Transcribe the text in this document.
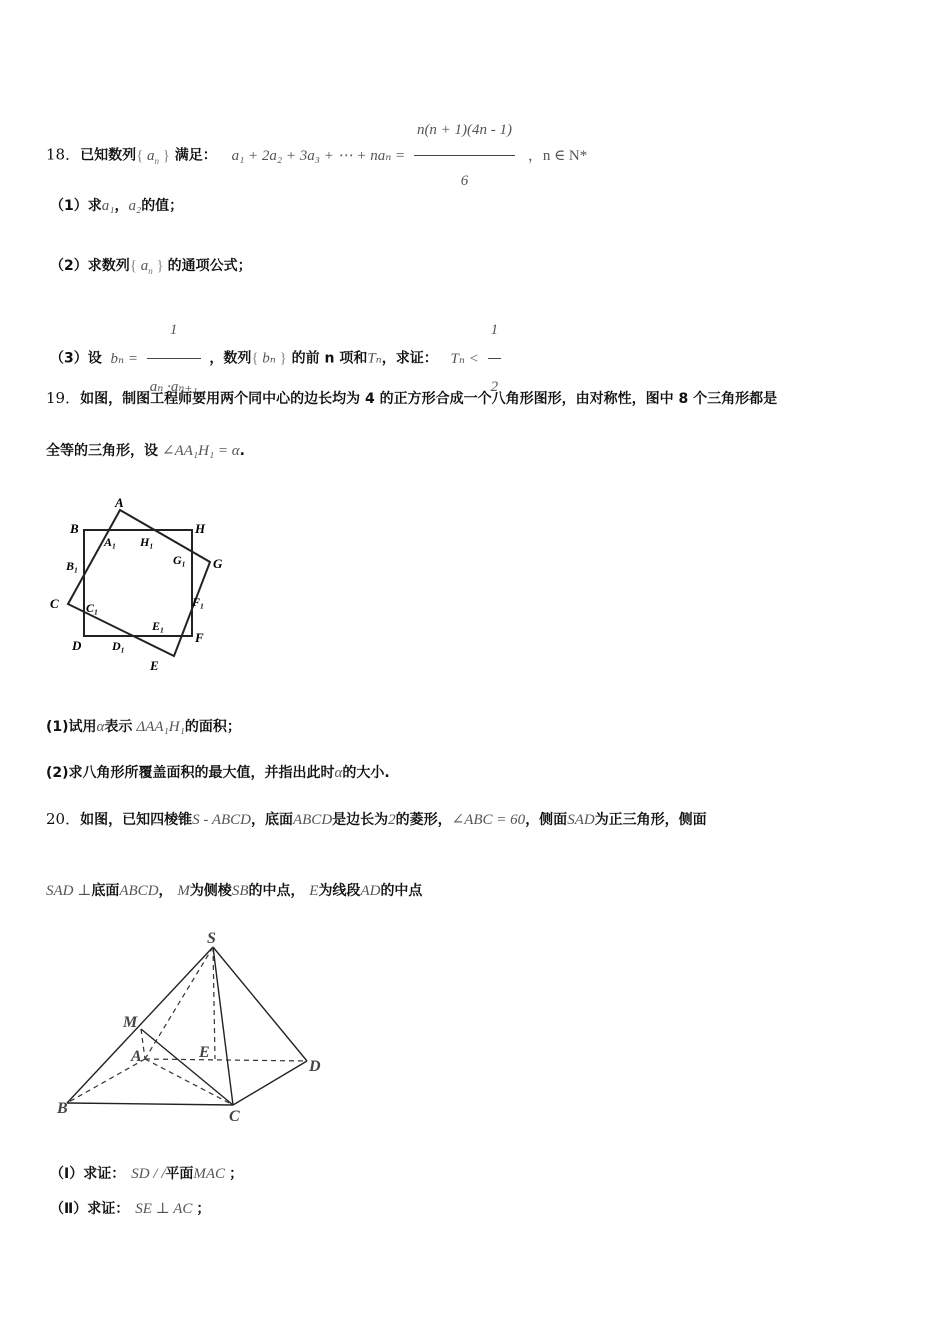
18．已知数列{ $a_n$ } 满足： a₁ + 2a₂ + 3a₃ + ⋯ + $na_n = \frac{n(n + 1)(4n - 1)}{6}$ ，n ∈ N*
（1）求a₁，a₂的值；
（2）求数列{ $a_n$ } 的通项公式；
（3）设 $b_n = \frac{1}{\text{aₙ ·aₙ₊₁}}$ ，数列{ bₙ } 的前 n 项和Tₙ，求证： $T_n < \frac{1}{2}$
19．如图，制图工程师要用两个同中心的边长均为 4 的正方形合成一个八角形图形，由对称性，图中 8 个三角形都是
全等的三角形，设 ∠AA₁H₁ = α.
A
B	H
A₁ H₁
B₁	G₁ G
C C₁	F₁
E₁
F
D	D₁
E
(1)试用α表示 ΔAA₁H₁的面积；
(2)求八角形所覆盖面积的最大值，并指出此时α的大小.
20．如图，已知四棱锥S - ABCD，底面ABCD是边长为2的菱形，∠ABC = 60，侧面SAD为正三角形，侧面
SAD ⊥底面ABCD， M为侧棱SB的中点， E为线段AD的中点
S
M
A	E
D
B	C
（Ⅰ）求证： SD / /平面MAC ；
（Ⅱ）求证： SE ⊥ AC ；
